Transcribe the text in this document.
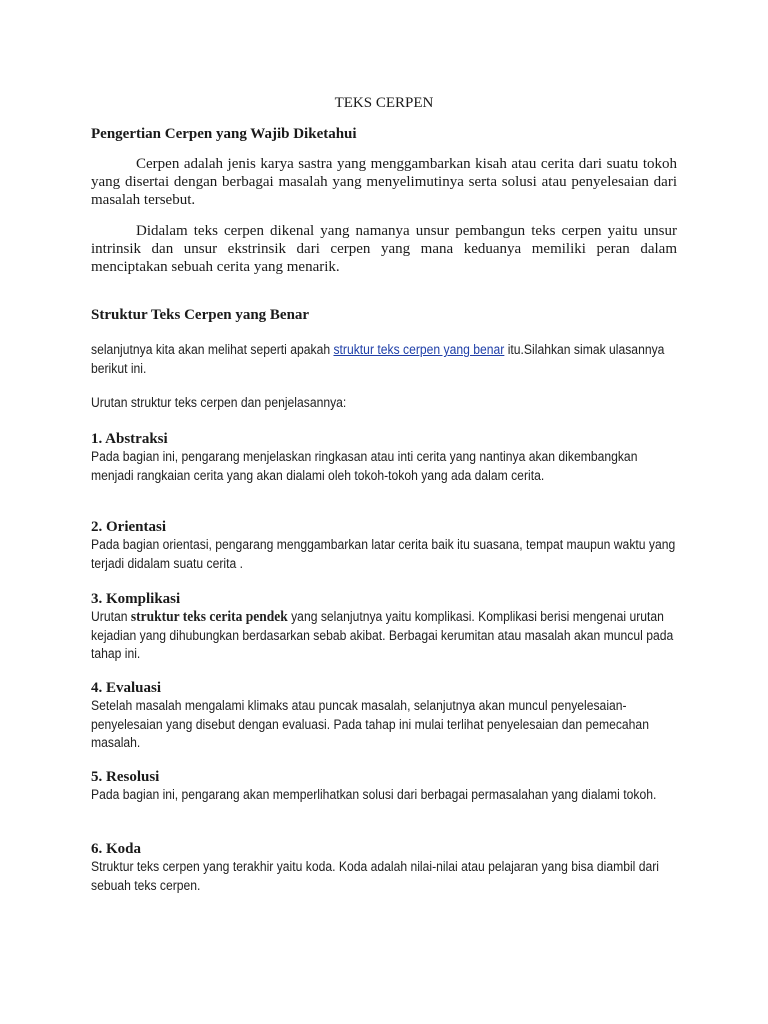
TEKS CERPEN
Pengertian Cerpen yang Wajib Diketahui

Cerpen adalah jenis karya sastra yang menggambarkan kisah atau cerita dari suatu tokoh yang disertai dengan berbagai masalah yang menyelimutinya serta solusi atau penyelesaian dari masalah tersebut.

Didalam teks cerpen dikenal yang namanya unsur pembangun teks cerpen yaitu unsur intrinsik dan unsur ekstrinsik dari cerpen yang mana keduanya memiliki peran dalam menciptakan sebuah cerita yang menarik.

Struktur Teks Cerpen yang Benar

selanjutnya kita akan melihat seperti apakah struktur teks cerpen yang benar itu.Silahkan simak ulasannya berikut ini.

Urutan struktur teks cerpen dan penjelasannya:

1. Abstraksi

Pada bagian ini, pengarang menjelaskan ringkasan atau inti cerita yang nantinya akan dikembangkan menjadi rangkaian cerita yang akan dialami oleh tokoh-tokoh yang ada dalam cerita.

2. Orientasi

Pada bagian orientasi, pengarang menggambarkan latar cerita baik itu suasana, tempat maupun waktu yang terjadi didalam suatu cerita .

3. Komplikasi

Urutan struktur teks cerita pendek yang selanjutnya yaitu komplikasi. Komplikasi berisi mengenai urutan kejadian yang dihubungkan berdasarkan sebab akibat. Berbagai kerumitan atau masalah akan muncul pada tahap ini.

4. Evaluasi

Setelah masalah mengalami klimaks atau puncak masalah, selanjutnya akan muncul penyelesaian-penyelesaian yang disebut dengan evaluasi. Pada tahap ini mulai terlihat penyelesaian dan pemecahan masalah.

5. Resolusi

Pada bagian ini, pengarang akan memperlihatkan solusi dari berbagai permasalahan yang dialami tokoh.

6. Koda

Struktur teks cerpen yang terakhir yaitu koda. Koda adalah nilai-nilai atau pelajaran yang bisa diambil dari sebuah teks cerpen.
